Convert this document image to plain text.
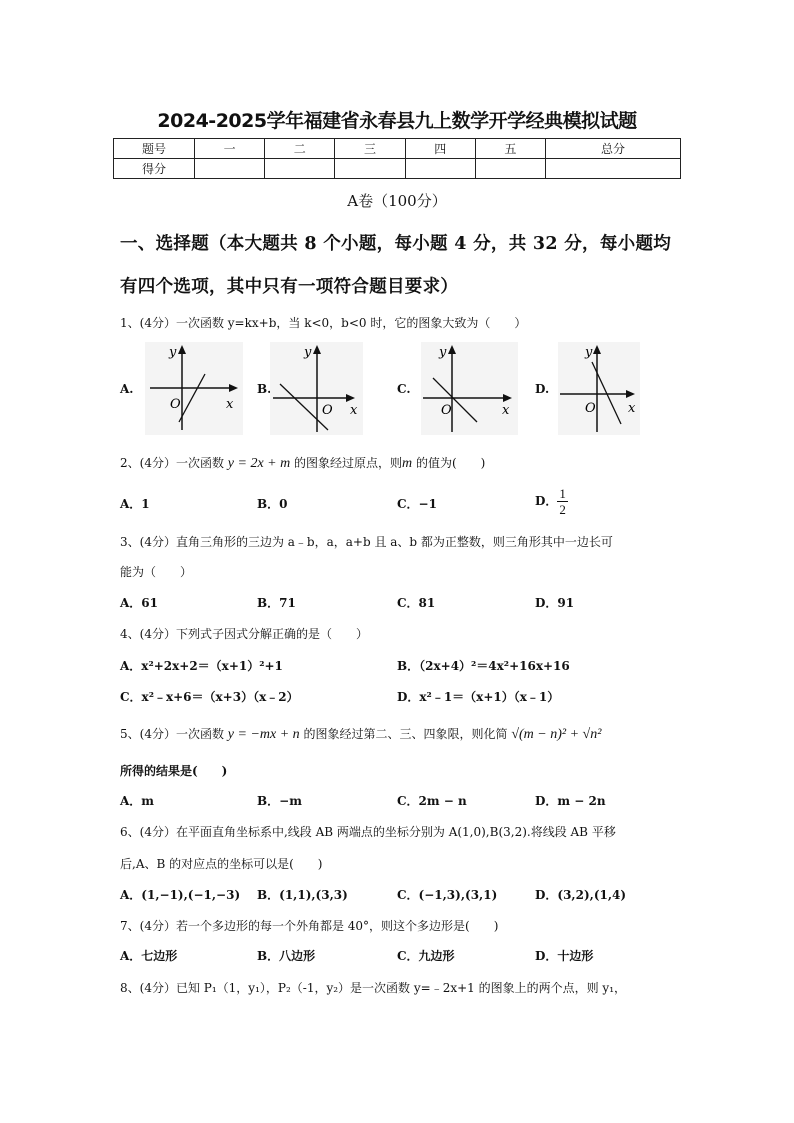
2024-2025学年福建省永春县九上数学开学经典模拟试题
题号	一	二	三	四	五	总分
得分						
A卷（100分）
一、选择题（本大题共 8 个小题，每小题 4 分，共 32 分，每小题均
有四个选项，其中只有一项符合题目要求）
1、(4分）一次函数 y=kx+b，当 k<0，b<0 时，它的图象大致为（　　）
A.	B.	C.	D.
y
x
O
y
x
O
y
x
O
y
x
O
2、(4分）一次函数 y = 2x + m 的图象经过原点，则m 的值为(　　)
A．1	B．0	C．−1	D． $\frac{1}{2}$
3、(4分）直角三角形的三边为 a﹣b，a，a+b 且 a、b 都为正整数，则三角形其中一边长可
能为（　　）
A．61	B．71	C．81	D．91
4、(4分）下列式子因式分解正确的是（　　）
A．x²+2x+2＝（x+1）²+1	B．（2x+4）²＝4x²+16x+16
C．x²﹣x+6＝（x+3）（x﹣2）	D．x²﹣1＝（x+1）（x﹣1）
5、(4分）一次函数 y = −mx + n 的图象经过第二、三、四象限，则化简 √(m − n)² + √n²
所得的结果是(　　)
A．m	B．−m	C．2m − n	D．m − 2n
6、(4分）在平面直角坐标系中,线段 AB 两端点的坐标分别为 A(1,0),B(3,2).将线段 AB 平移
后,A、B 的对应点的坐标可以是(　　)
A．(1,−1),(−1,−3) B．(1,1),(3,3)	C．(−1,3),(3,1)	D．(3,2),(1,4)
7、(4分）若一个多边形的每一个外角都是 40°，则这个多边形是(　　)
A．七边形	B．八边形	C．九边形	D．十边形
8、(4分）已知 P₁（1，y₁），P₂（-1，y₂）是一次函数 y=﹣2x+1 的图象上的两个点，则 y₁，
